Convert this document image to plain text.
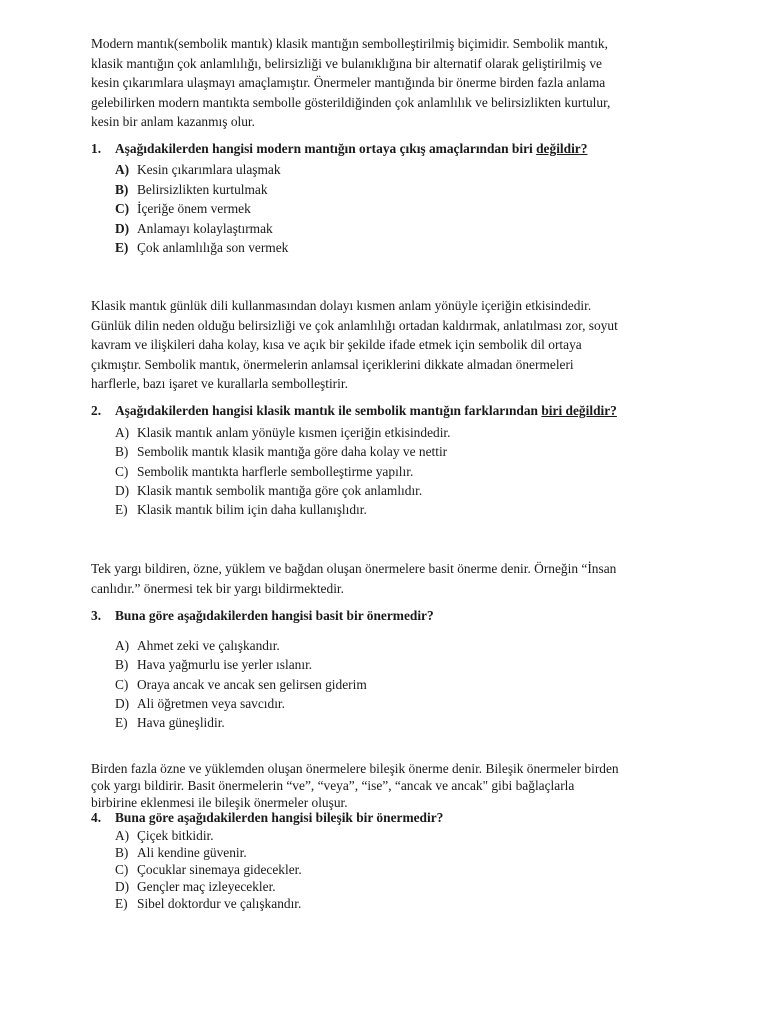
Modern mantık(sembolik mantık) klasik mantığın sembolleştirilmiş biçimidir. Sembolik mantık,
klasik mantığın çok anlamlılığı, belirsizliği ve bulanıklığına bir alternatif olarak geliştirilmiş ve
kesin çıkarımlara ulaşmayı amaçlamıştır. Önermeler mantığında bir önerme birden fazla anlama
gelebilirken modern mantıkta sembolle gösterildiğinden çok anlamlılık ve belirsizlikten kurtulur,
kesin bir anlam kazanmış olur.

1. Aşağıdakilerden hangisi modern mantığın ortaya çıkış amaçlarından biri değildir?

A) Kesin çıkarımlara ulaşmak
B) Belirsizlikten kurtulmak
C) İçeriğe önem vermek
D) Anlamayı kolaylaştırmak
E) Çok anlamlılığa son vermek
Klasik mantık günlük dili kullanmasından dolayı kısmen anlam yönüyle içeriğin etkisindedir.
Günlük dilin neden olduğu belirsizliği ve çok anlamlılığı ortadan kaldırmak, anlatılması zor, soyut
kavram ve ilişkileri daha kolay, kısa ve açık bir şekilde ifade etmek için sembolik dil ortaya
çıkmıştır. Sembolik mantık, önermelerin anlamsal içeriklerini dikkate almadan önermeleri
harflerle, bazı işaret ve kurallarla sembolleştirir.

2. Aşağıdakilerden hangisi klasik mantık ile sembolik mantığın farklarından biri değildir?

A) Klasik mantık anlam yönüyle kısmen içeriğin etkisindedir.
B) Sembolik mantık klasik mantığa göre daha kolay ve nettir
C) Sembolik mantıkta harflerle sembolleştirme yapılır.
D) Klasik mantık sembolik mantığa göre çok anlamlıdır.
E) Klasik mantık bilim için daha kullanışlıdır.
Tek yargı bildiren, özne, yüklem ve bağdan oluşan önermelere basit önerme denir. Örneğin “İnsan
canlıdır.” önermesi tek bir yargı bildirmektedir.

3. Buna göre aşağıdakilerden hangisi basit bir önermedir?

A) Ahmet zeki ve çalışkandır.
B) Hava yağmurlu ise yerler ıslanır.
C) Oraya ancak ve ancak sen gelirsen giderim
D) Ali öğretmen veya savcıdır.
E) Hava güneşlidir.
Birden fazla özne ve yüklemden oluşan önermelere bileşik önerme denir. Bileşik önermeler birden
çok yargı bildirir. Basit önermelerin “ve”, “veya”, “ise”, “ancak ve ancak" gibi bağlaçlarla
birbirine eklenmesi ile bileşik önermeler oluşur.

4. Buna göre aşağıdakilerden hangisi bileşik bir önermedir?

A) Çiçek bitkidir.
B) Ali kendine güvenir.
C) Çocuklar sinemaya gidecekler.
D) Gençler maç izleyecekler.
E) Sibel doktordur ve çalışkandır.
